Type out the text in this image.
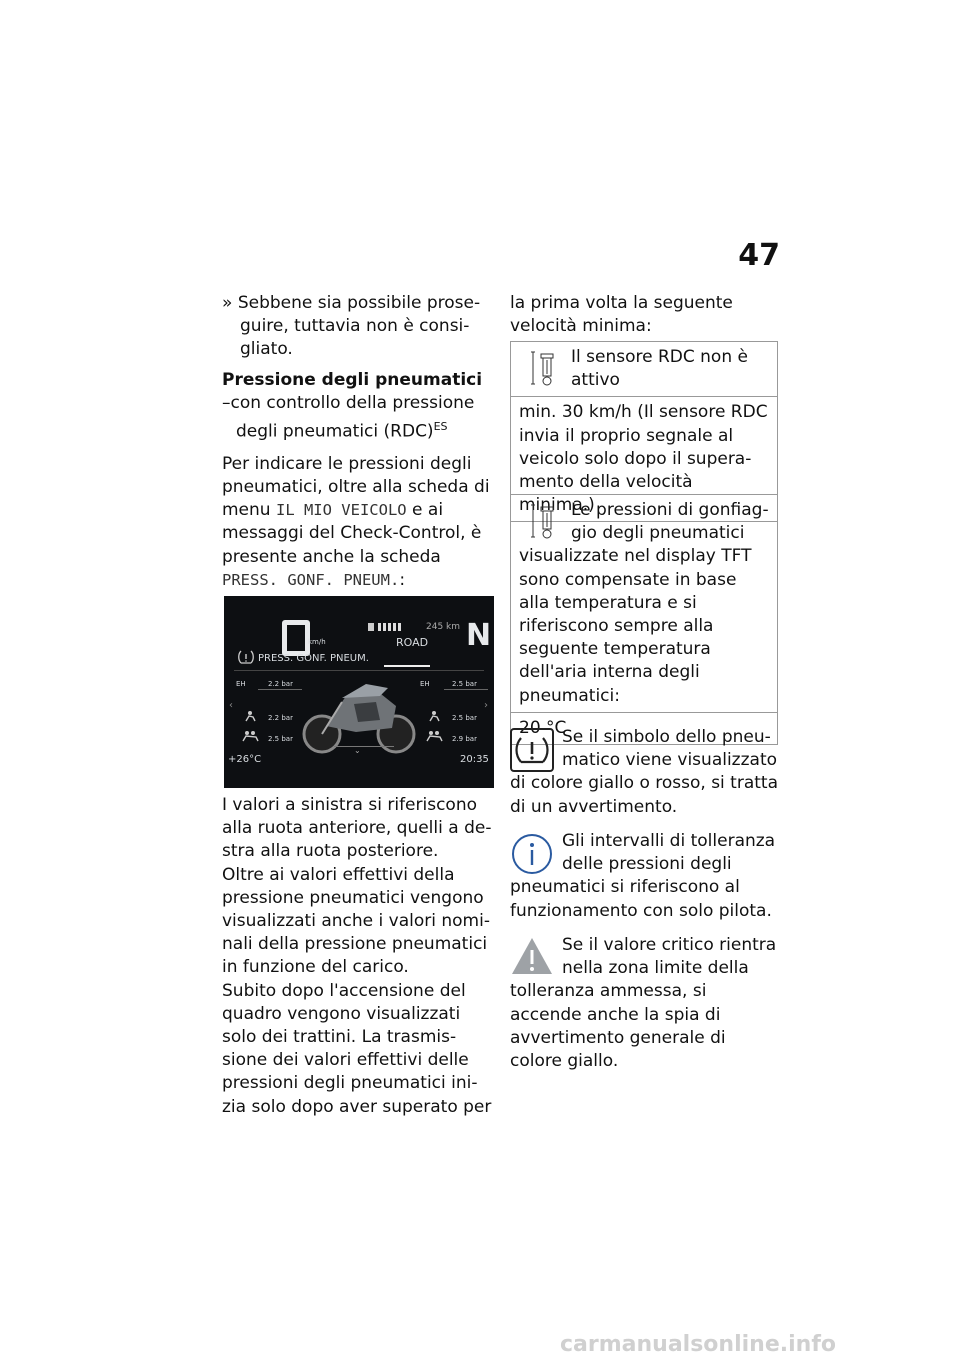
47

» Sebbene sia possibile proseguire, tuttavia non è consigliato.

Pressione degli pneumatici

–con controllo della pressione degli pneumatici (RDC)$^{ES}$

Per indicare le pressioni degli pneumatici, oltre alla scheda di menu IL MIO VEICOLO e ai messaggi del Check-Control, è presente anche la scheda PRESS. GONF. PNEUM.:

km/h
245 km
ROAD N
PRESS. GONF. PNEUM.
EH	2.2 bar	EH	2.5 bar
‹	›
2.2 bar
2.5 bar
2.5 bar
2.9 bar
⌄
+26°C	20:35

I valori a sinistra si riferiscono alla ruota anteriore, quelli a destra alla ruota posteriore.

Oltre ai valori effettivi della pressione pneumatici vengono visualizzati anche i valori nominali della pressione pneumatici in funzione del carico.

Subito dopo l'accensione del quadro vengono visualizzati solo dei trattini. La trasmissione dei valori effettivi delle pressioni degli pneumatici inizia solo dopo aver superato per

la prima volta la seguente velocità minima:

Il sensore RDC non è attivo
min. 30 km/h (Il sensore RDC invia il proprio segnale al veicolo solo dopo il superamento della velocità minima.)
Le pressioni di gonfiaggio degli pneumatici visualizzate nel display TFT sono compensate in base alla temperatura e si riferiscono sempre alla seguente temperatura dell'aria interna degli pneumatici:
20 °C

Se il simbolo dello pneumatico viene visualizzato di colore giallo o rosso, si tratta di un avvertimento.

Gli intervalli di tolleranza delle pressioni degli pneumatici si riferiscono al funzionamento con solo pilota.

Se il valore critico rientra nella zona limite della tolleranza ammessa, si accende anche la spia di avvertimento generale di colore giallo.

carmanualsonline.info
